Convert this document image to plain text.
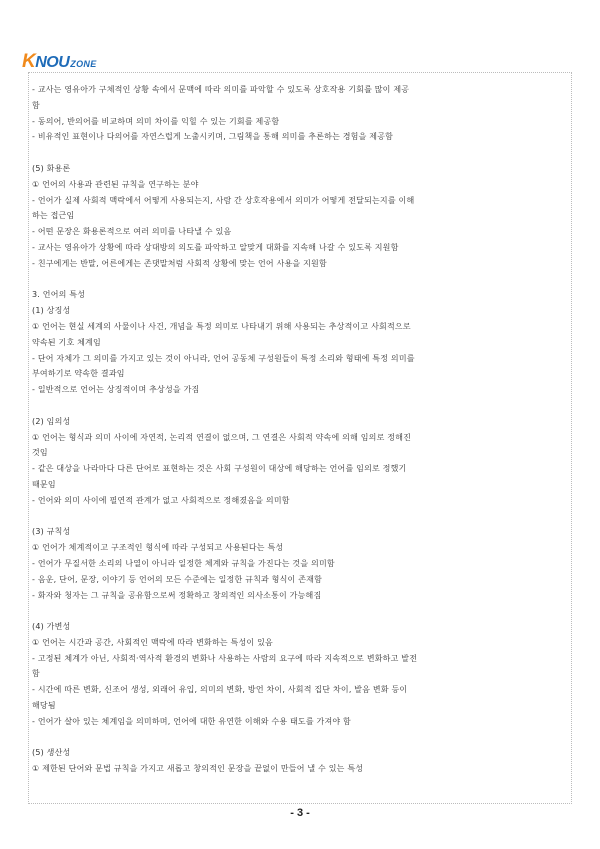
KNOUZONE
- 교사는 영유아가 구체적인 상황 속에서 문맥에 따라 의미를 파악할 수 있도록 상호작용 기회를 많이 제공
함
- 동의어, 반의어를 비교하며 의미 차이를 익힐 수 있는 기회를 제공함
- 비유적인 표현이나 다의어를 자연스럽게 노출시키며, 그림책을 통해 의미를 추론하는 경험을 제공함
(5) 화용론
① 언어의 사용과 관련된 규칙을 연구하는 분야
- 언어가 실제 사회적 맥락에서 어떻게 사용되는지, 사람 간 상호작용에서 의미가 어떻게 전달되는지를 이해
하는 접근임
- 어떤 문장은 화용론적으로 여러 의미를 나타낼 수 있음
- 교사는 영유아가 상황에 따라 상대방의 의도를 파악하고 알맞게 대화를 지속해 나갈 수 있도록 지원함
- 친구에게는 반말, 어른에게는 존댓말처럼 사회적 상황에 맞는 언어 사용을 지원함
3. 언어의 특성
(1) 상징성
① 언어는 현실 세계의 사물이나 사건, 개념을 특정 의미로 나타내기 위해 사용되는 추상적이고 사회적으로
약속된 기호 체계임
- 단어 자체가 그 의미를 가지고 있는 것이 아니라, 언어 공동체 구성원들이 특정 소리와 형태에 특정 의미를
부여하기로 약속한 결과임
- 일반적으로 언어는 상징적이며 추상성을 가짐
(2) 임의성
① 언어는 형식과 의미 사이에 자연적, 논리적 연결이 없으며, 그 연결은 사회적 약속에 의해 임의로 정해진
것임
- 같은 대상을 나라마다 다른 단어로 표현하는 것은 사회 구성원이 대상에 해당하는 언어를 임의로 정했기
때문임
- 언어와 의미 사이에 필연적 관계가 없고 사회적으로 정해졌음을 의미함
(3) 규칙성
① 언어가 체계적이고 구조적인 형식에 따라 구성되고 사용된다는 특성
- 언어가 무질서한 소리의 나열이 아니라 일정한 체계와 규칙을 가진다는 것을 의미함
- 음운, 단어, 문장, 이야기 등 언어의 모든 수준에는 일정한 규칙과 형식이 존재함
- 화자와 청자는 그 규칙을 공유함으로써 정확하고 창의적인 의사소통이 가능해짐
(4) 가변성
① 언어는 시간과 공간, 사회적인 맥락에 따라 변화하는 특성이 있음
- 고정된 체계가 아닌, 사회적·역사적 환경의 변화나 사용하는 사람의 요구에 따라 지속적으로 변화하고 발전
함
- 시간에 따른 변화, 신조어 생성, 외래어 유입, 의미의 변화, 방언 차이, 사회적 집단 차이, 발음 변화 등이
해당됨
- 언어가 살아 있는 체계임을 의미하며, 언어에 대한 유연한 이해와 수용 태도를 가져야 함
(5) 생산성
① 제한된 단어와 문법 규칙을 가지고 새롭고 창의적인 문장을 끝없이 만들어 낼 수 있는 특성
- 3 -
